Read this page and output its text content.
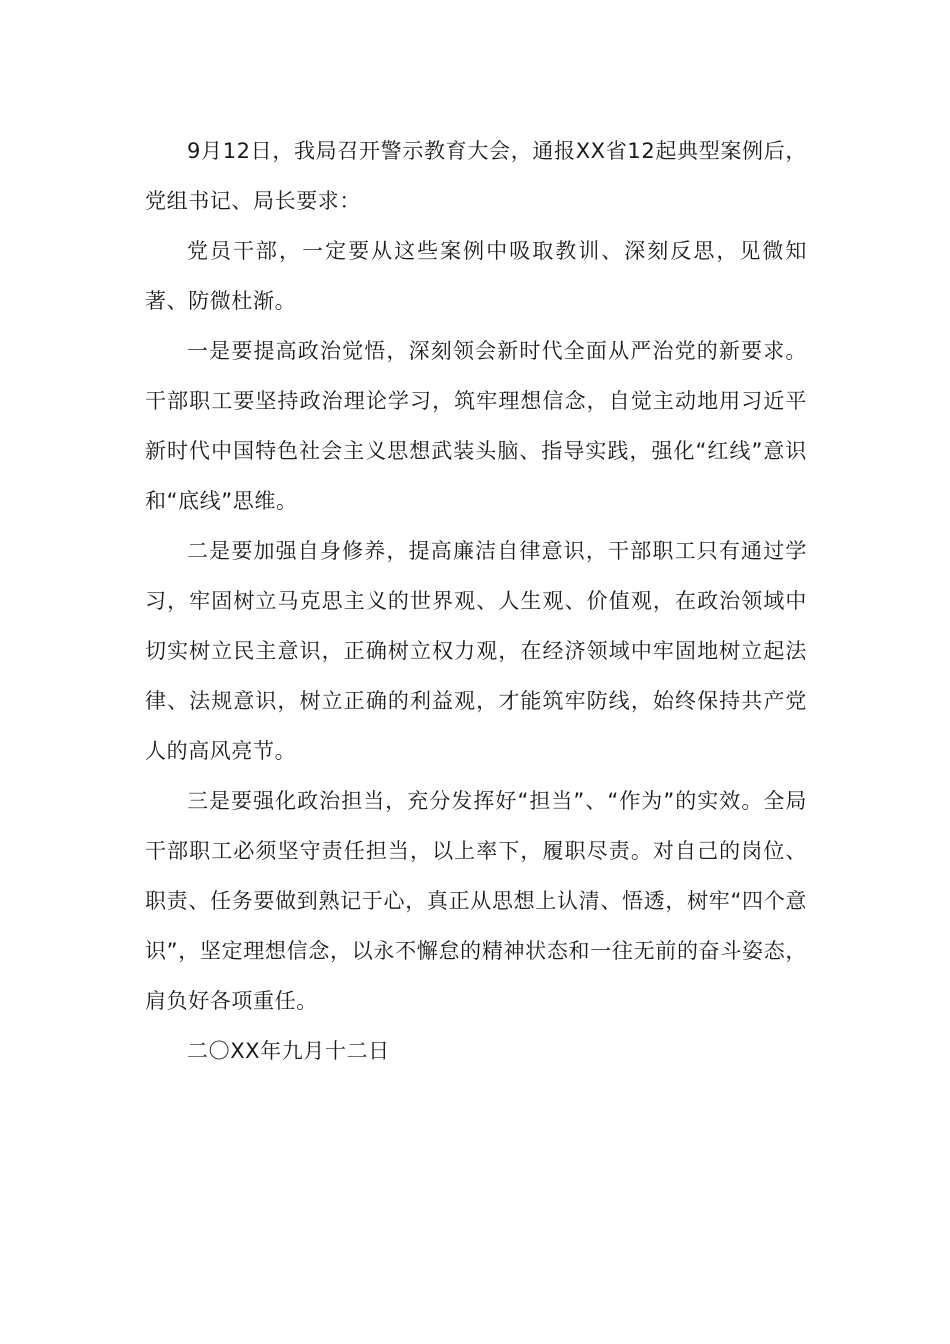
9月12日，我局召开警示教育大会，通报XX省12起典型案例后，党组书记、局长要求：

党员干部，一定要从这些案例中吸取教训、深刻反思，见微知著、防微杜渐。

一是要提高政治觉悟，深刻领会新时代全面从严治党的新要求。干部职工要坚持政治理论学习，筑牢理想信念，自觉主动地用习近平新时代中国特色社会主义思想武装头脑、指导实践，强化“红线”意识和“底线”思维。

二是要加强自身修养，提高廉洁自律意识，干部职工只有通过学习，牢固树立马克思主义的世界观、人生观、价值观，在政治领域中切实树立民主意识，正确树立权力观，在经济领域中牢固地树立起法律、法规意识，树立正确的利益观，才能筑牢防线，始终保持共产党人的高风亮节。

三是要强化政治担当，充分发挥好“担当”、“作为”的实效。全局干部职工必须坚守责任担当，以上率下，履职尽责。对自己的岗位、职责、任务要做到熟记于心，真正从思想上认清、悟透，树牢“四个意识”，坚定理想信念，以永不懈怠的精神状态和一往无前的奋斗姿态，肩负好各项重任。

二〇XX年九月十二日
